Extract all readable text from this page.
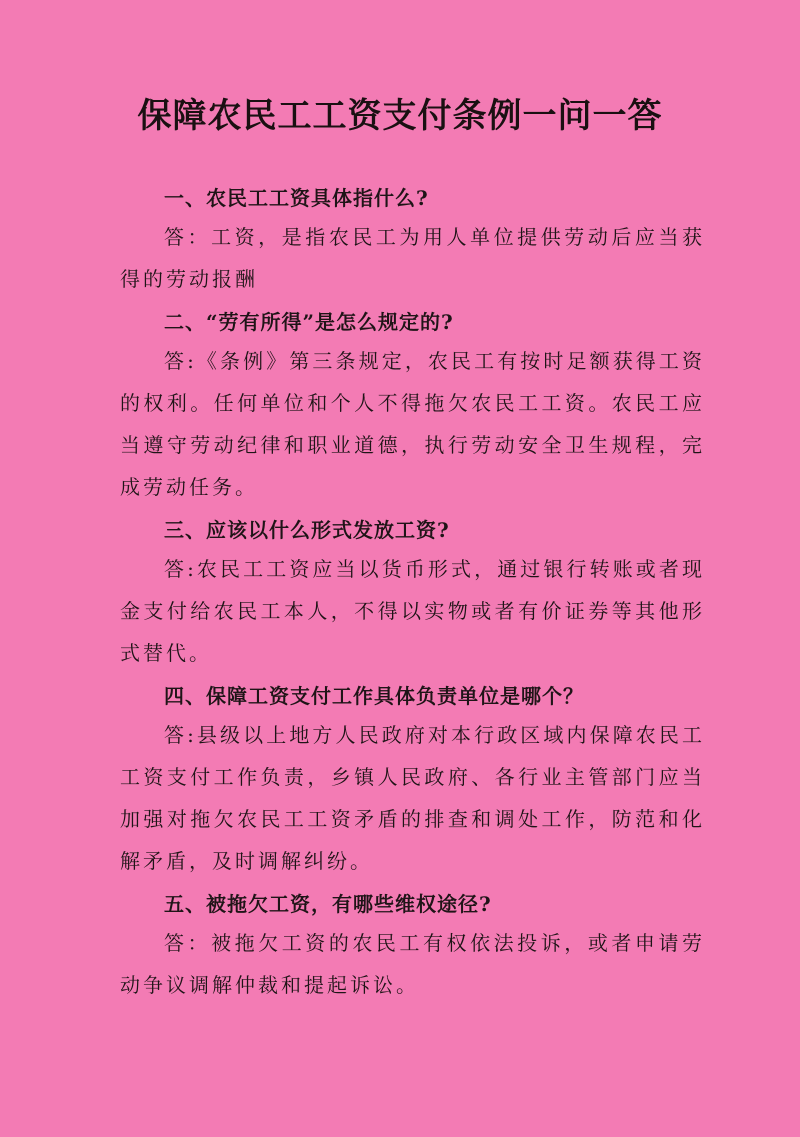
保障农民工工资支付条例一问一答

一、农民工工资具体指什么?

答：工资，是指农民工为用人单位提供劳动后应当获得的劳动报酬

二、“劳有所得”是怎么规定的?

答:《条例》第三条规定，农民工有按时足额获得工资的权利。任何单位和个人不得拖欠农民工工资。农民工应当遵守劳动纪律和职业道德，执行劳动安全卫生规程，完成劳动任务。

三、应该以什么形式发放工资?

答:农民工工资应当以货币形式，通过银行转账或者现金支付给农民工本人，不得以实物或者有价证券等其他形式替代。

四、保障工资支付工作具体负责单位是哪个？

答:县级以上地方人民政府对本行政区域内保障农民工工资支付工作负责，乡镇人民政府、各行业主管部门应当加强对拖欠农民工工资矛盾的排查和调处工作，防范和化解矛盾，及时调解纠纷。

五、被拖欠工资，有哪些维权途径?

答：被拖欠工资的农民工有权依法投诉，或者申请劳动争议调解仲裁和提起诉讼。
